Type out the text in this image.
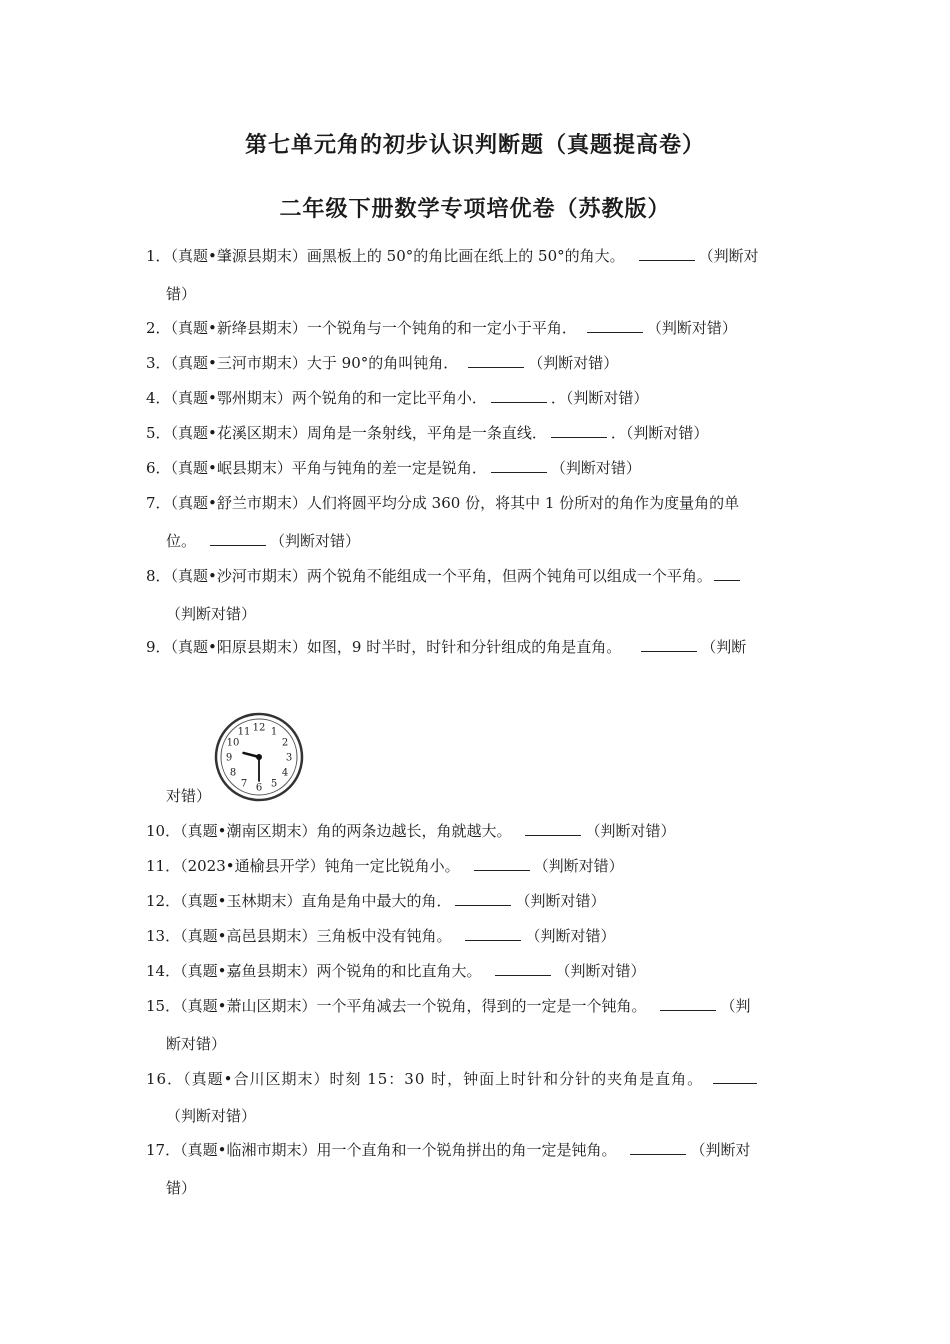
第七单元角的初步认识判断题（真题提高卷）
二年级下册数学专项培优卷（苏教版）
1．（真题•肇源县期末）画黑板上的 50°的角比画在纸上的 50°的角大。	（判断对
错）
2．（真题•新绛县期末）一个锐角与一个钝角的和一定小于平角．	（判断对错）
3．（真题•三河市期末）大于 90°的角叫钝角．	（判断对错）
4．（真题•鄂州期末）两个锐角的和一定比平角小．	．（判断对错）
5．（真题•花溪区期末）周角是一条射线，平角是一条直线．	．（判断对错）
6．（真题•岷县期末）平角与钝角的差一定是锐角．	（判断对错）
7．（真题•舒兰市期末）人们将圆平均分成 360 份，将其中 1 份所对的角作为度量角的单
位。	（判断对错）
8．（真题•沙河市期末）两个锐角不能组成一个平角，但两个钝角可以组成一个平角。
（判断对错）
9．（真题•阳原县期末）如图，9 时半时，时针和分针组成的角是直角。	（判断
12 1
2
3
4
5
6
7
8
9
10
11
对错）
10．（真题•潮南区期末）角的两条边越长，角就越大。	（判断对错）
11．（2023•通榆县开学）钝角一定比锐角小。	（判断对错）
12．（真题•玉林期末）直角是角中最大的角．	（判断对错）
13．（真题•高邑县期末）三角板中没有钝角。	（判断对错）
14．（真题•嘉鱼县期末）两个锐角的和比直角大。	（判断对错）
15．（真题•萧山区期末）一个平角减去一个锐角，得到的一定是一个钝角。	（判
断对错）
16．（真题•合川区期末）时刻 15：30 时，钟面上时针和分针的夹角是直角。
（判断对错）
17．（真题•临湘市期末）用一个直角和一个锐角拼出的角一定是钝角。	（判断对
错）
